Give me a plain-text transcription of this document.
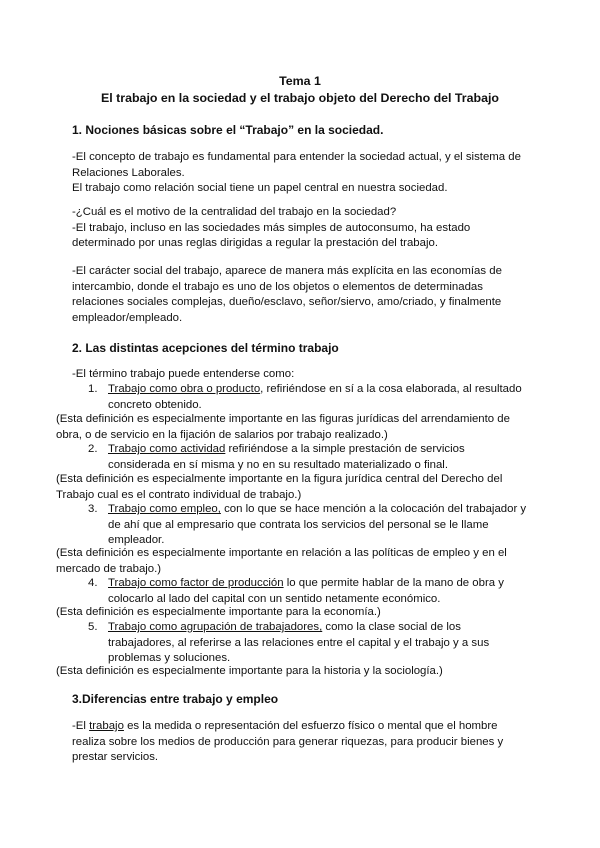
Tema 1
El trabajo en la sociedad y el trabajo objeto del Derecho del Trabajo
1. Nociones básicas sobre el “Trabajo” en la sociedad.

-El concepto de trabajo es fundamental para entender la sociedad actual, y el sistema de Relaciones Laborales.
El trabajo como relación social tiene un papel central en nuestra sociedad.

-¿Cuál es el motivo de la centralidad del trabajo en la sociedad?
-El trabajo, incluso en las sociedades más simples de autoconsumo, ha estado determinado por unas reglas dirigidas a regular la prestación del trabajo.

-El carácter social del trabajo, aparece de manera más explícita en las economías de intercambio, donde el trabajo es uno de los objetos o elementos de determinadas relaciones sociales complejas, dueño/esclavo, señor/siervo, amo/criado, y finalmente empleador/empleado.

2. Las distintas acepciones del término trabajo

-El término trabajo puede entenderse como:

1. Trabajo como obra o producto, refiriéndose en sí a la cosa elaborada, al resultado concreto obtenido.

(Esta definición es especialmente importante en las figuras jurídicas del arrendamiento de obra, o de servicio en la fijación de salarios por trabajo realizado.)

2. Trabajo como actividad refiriéndose a la simple prestación de servicios considerada en sí misma y no en su resultado materializado o final.

(Esta definición es especialmente importante en la figura jurídica central del Derecho del Trabajo cual es el contrato individual de trabajo.)

3. Trabajo como empleo, con lo que se hace mención a la colocación del trabajador y de ahí que al empresario que contrata los servicios del personal se le llame empleador.

(Esta definición es especialmente importante en relación a las políticas de empleo y en el mercado de trabajo.)

4. Trabajo como factor de producción lo que permite hablar de la mano de obra y colocarlo al lado del capital con un sentido netamente económico.

(Esta definición es especialmente importante para la economía.)

5. Trabajo como agrupación de trabajadores, como la clase social de los trabajadores, al referirse a las relaciones entre el capital y el trabajo y a sus problemas y soluciones.

(Esta definición es especialmente importante para la historia y la sociología.)

3.Diferencias entre trabajo y empleo

-El trabajo es la medida o representación del esfuerzo físico o mental que el hombre realiza sobre los medios de producción para generar riquezas, para producir bienes y prestar servicios.
